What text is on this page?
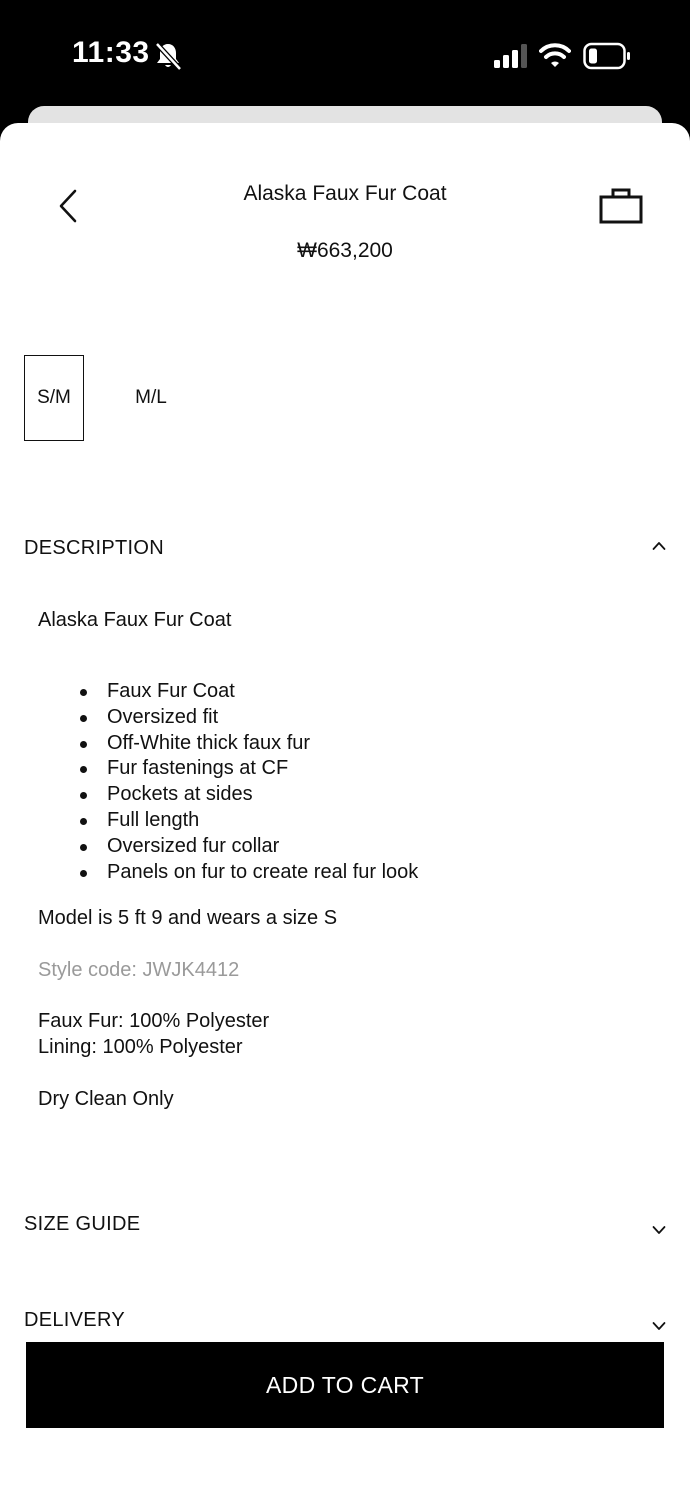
11:33
Alaska Faux Fur Coat
₩663,200
S/M	M/L
DESCRIPTION
Alaska Faux Fur Coat
Faux Fur Coat
Oversized fit
Off-White thick faux fur
Fur fastenings at CF
Pockets at sides
Full length
Oversized fur collar
Panels on fur to create real fur look
Model is 5 ft 9 and wears a size S
Style code: JWJK4412
Faux Fur: 100% Polyester
Lining: 100% Polyester
Dry Clean Only
SIZE GUIDE
DELIVERY
ADD TO CART
